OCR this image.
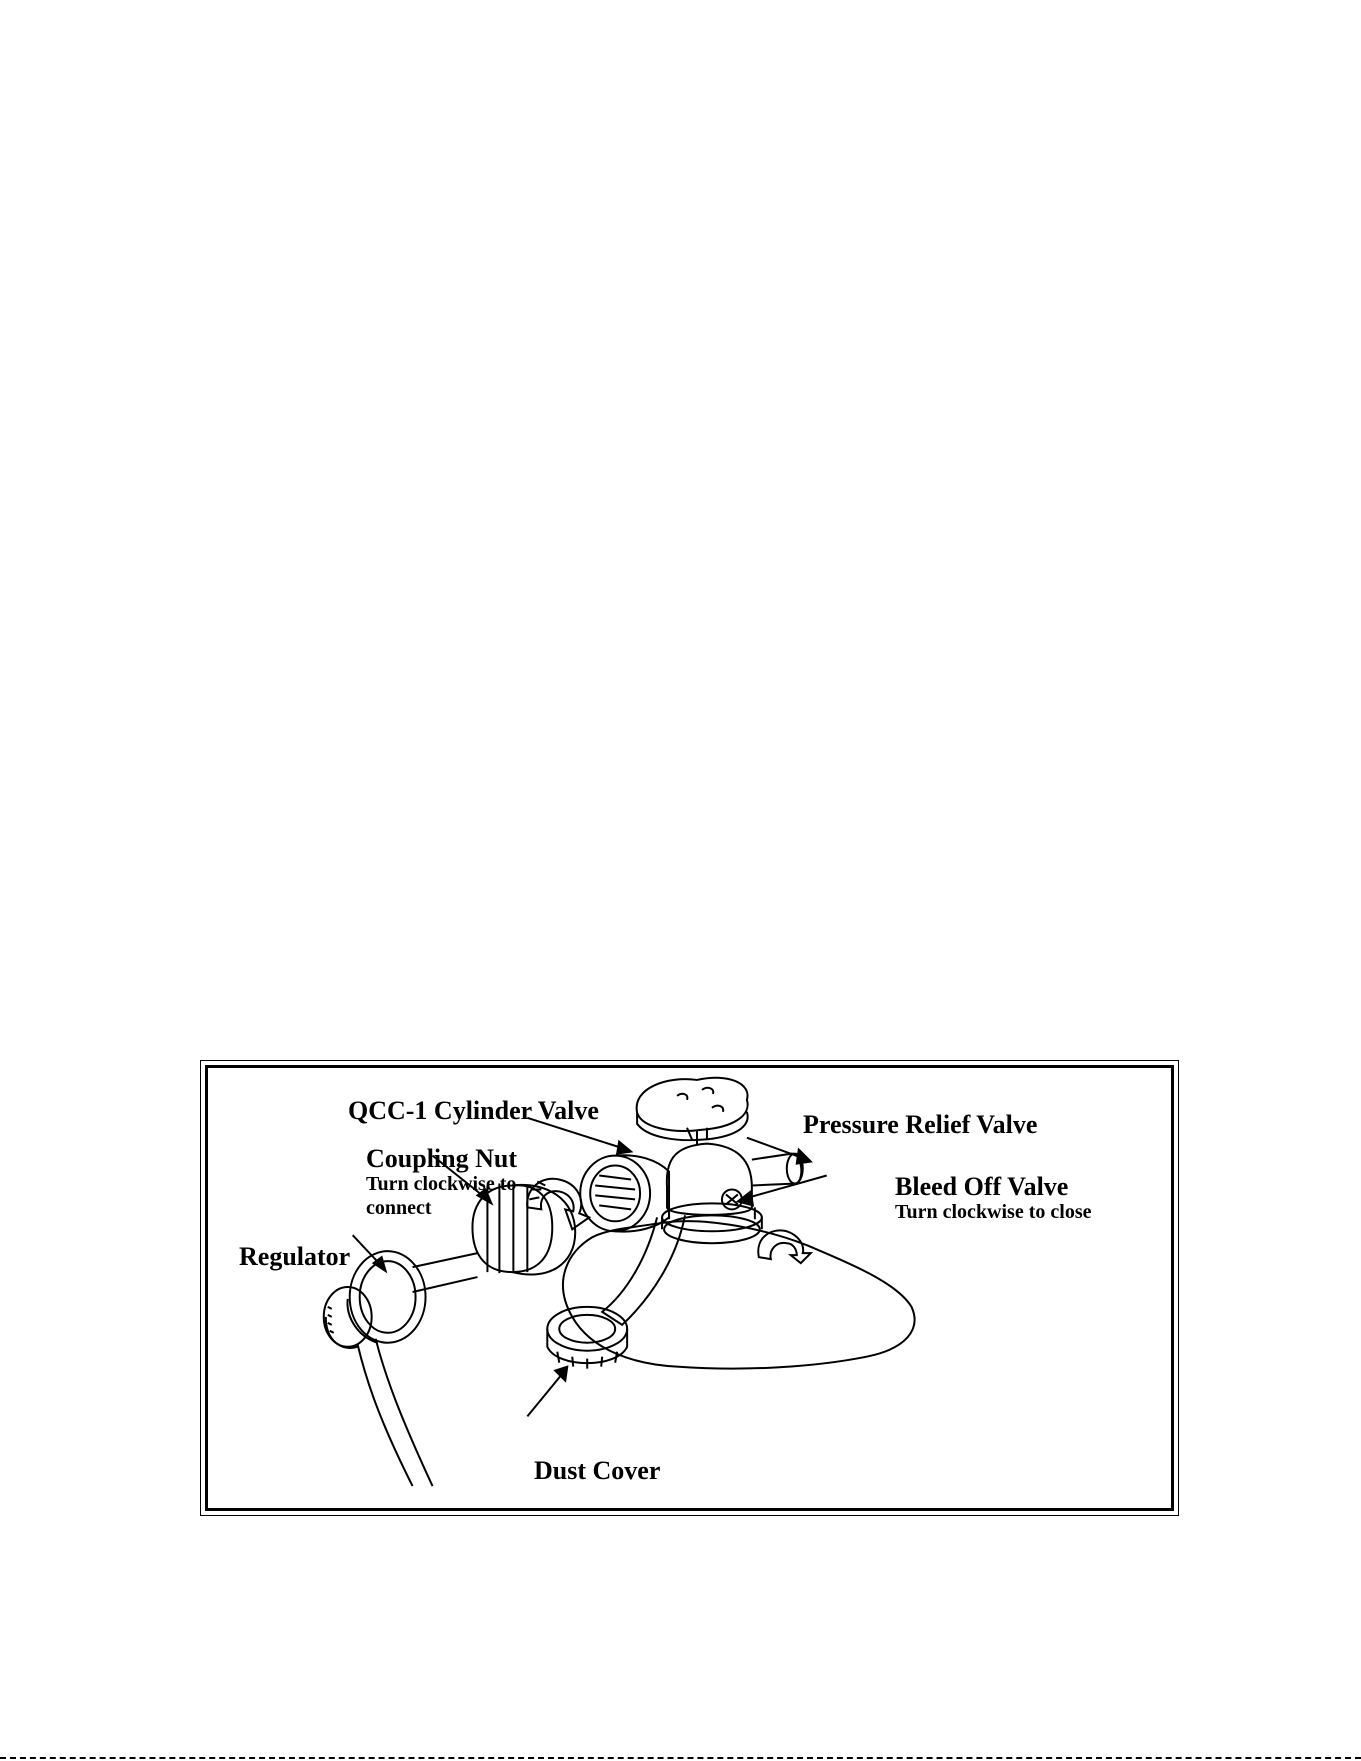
QCC-1 Cylinder Valve	Pressure Relief Valve
Coupling Nut
Turn clockwise to
connect
Bleed Off Valve
Turn clockwise to close
Regulator
Dust Cover
